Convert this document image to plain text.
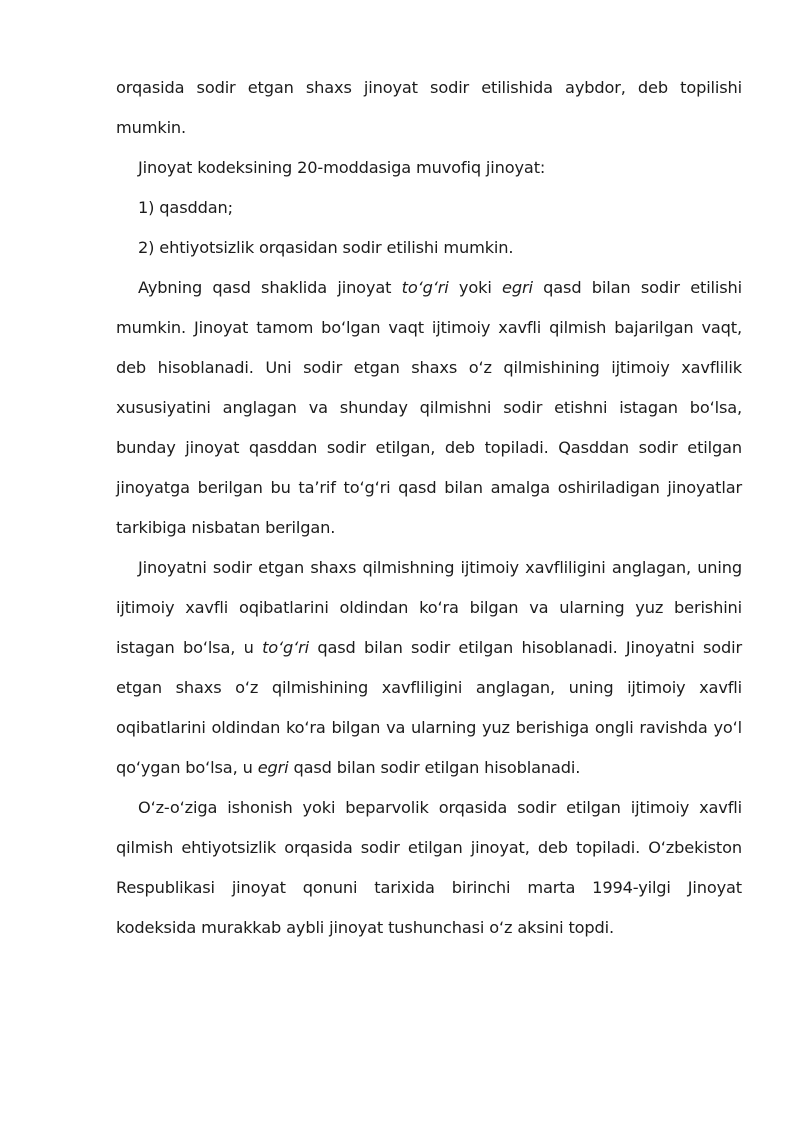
orqasida sodir etgan shaxs jinoyat sodir etilishida aybdor, deb topilishi mumkin.

Jinoyat kodeksining 20-moddasiga muvofiq jinoyat:

1) qasddan;

2) ehtiyotsizlik orqasidan sodir etilishi mumkin.

Aybning qasd shaklida jinoyat to‘g‘ri yoki egri qasd bilan sodir etilishi mumkin. Jinoyat tamom bo‘lgan vaqt ijtimoiy xavfli qilmish bajarilgan vaqt, deb hisoblanadi. Uni sodir etgan shaxs o‘z qilmishining ijtimoiy xavflilik xususiyatini anglagan va shunday qilmishni sodir etishni istagan bo‘lsa, bunday jinoyat qasddan sodir etilgan, deb topiladi. Qasddan sodir etilgan jinoyatga berilgan bu ta’rif to‘g‘ri qasd bilan amalga oshiriladigan jinoyatlar tarkibiga nisbatan berilgan.

Jinoyatni sodir etgan shaxs qilmishning ijtimoiy xavfliligini anglagan, uning ijtimoiy xavfli oqibatlarini oldindan ko‘ra bilgan va ularning yuz berishini istagan bo‘lsa, u to‘g‘ri qasd bilan sodir etilgan hisoblanadi. Jinoyatni sodir etgan shaxs o‘z qilmishining xavfliligini anglagan, uning ijtimoiy xavfli oqibatlarini oldindan ko‘ra bilgan va ularning yuz berishiga ongli ravishda yo‘l qo‘ygan bo‘lsa, u egri qasd bilan sodir etilgan hisoblanadi.

O‘z-o‘ziga ishonish yoki beparvolik orqasida sodir etilgan ijtimoiy xavfli qilmish ehtiyotsizlik orqasida sodir etilgan jinoyat, deb topiladi. O‘zbekiston Respublikasi jinoyat qonuni tarixida birinchi marta 1994-yilgi Jinoyat kodeksida murakkab aybli jinoyat tushunchasi o‘z aksini topdi.
